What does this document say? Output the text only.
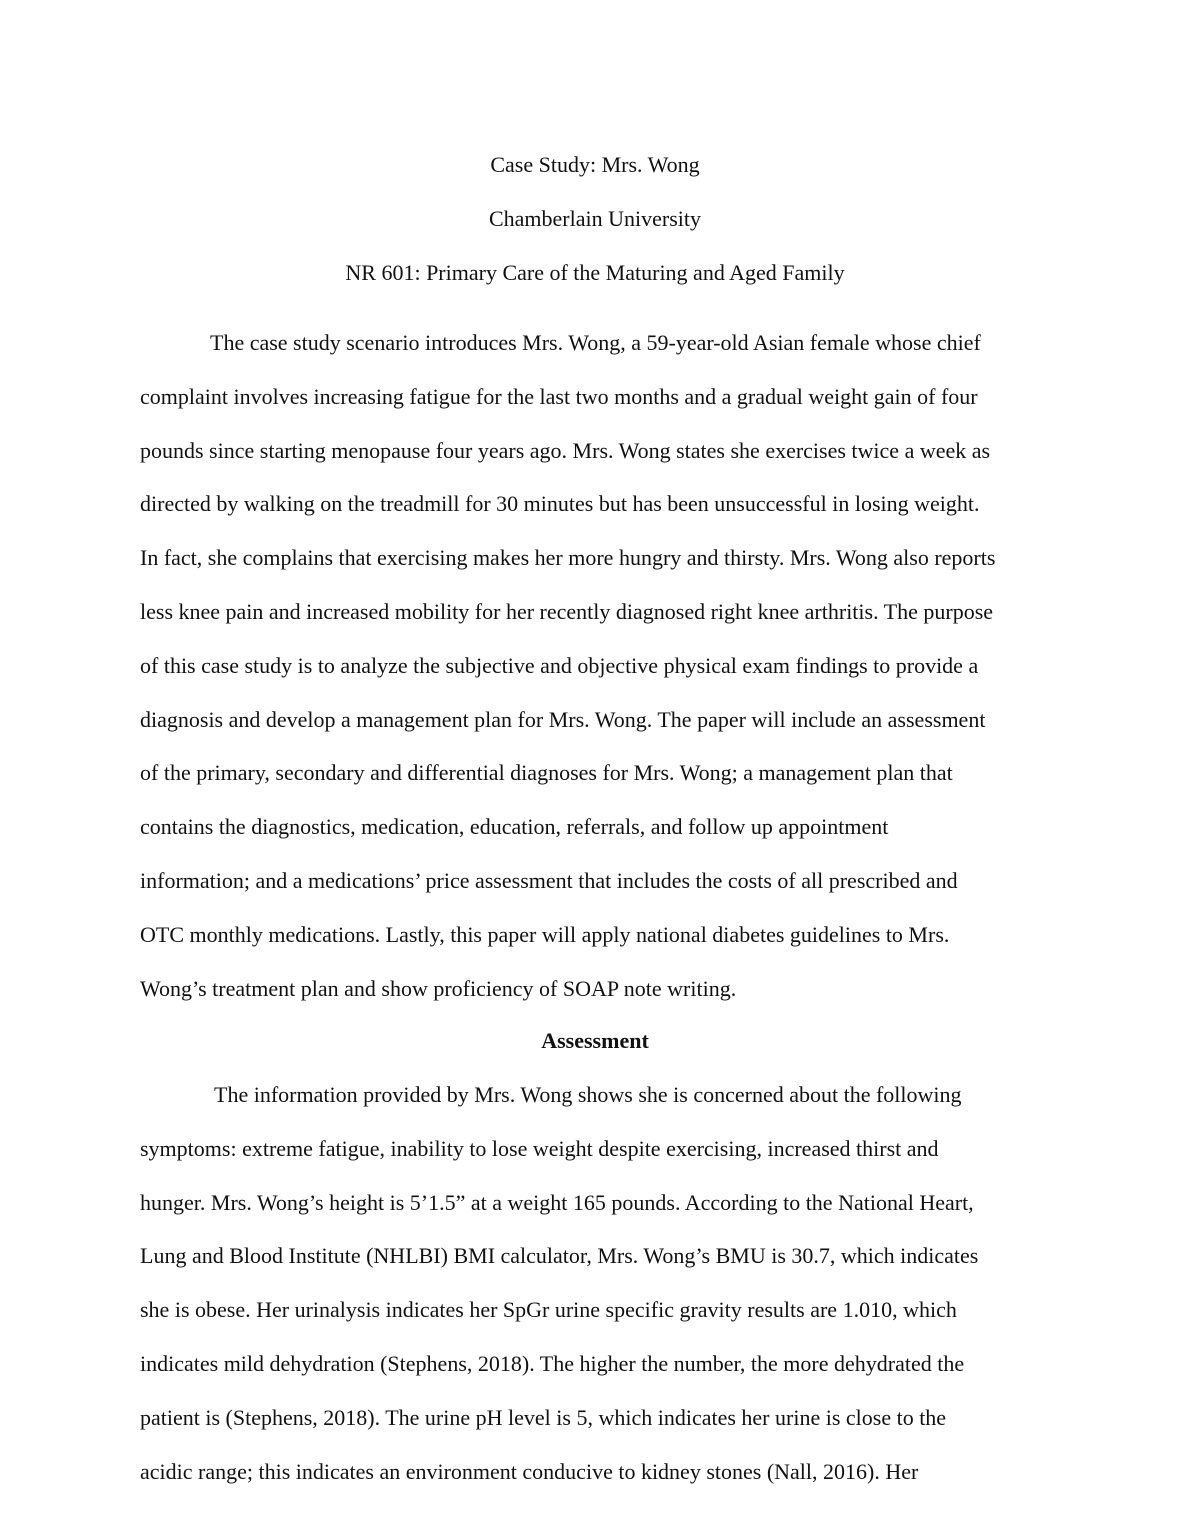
Case Study: Mrs. Wong
Chamberlain University
NR 601: Primary Care of the Maturing and Aged Family
The case study scenario introduces Mrs. Wong, a 59-year-old Asian female whose chief
complaint involves increasing fatigue for the last two months and a gradual weight gain of four
pounds since starting menopause four years ago. Mrs. Wong states she exercises twice a week as
directed by walking on the treadmill for 30 minutes but has been unsuccessful in losing weight.
In fact, she complains that exercising makes her more hungry and thirsty. Mrs. Wong also reports
less knee pain and increased mobility for her recently diagnosed right knee arthritis. The purpose
of this case study is to analyze the subjective and objective physical exam findings to provide a
diagnosis and develop a management plan for Mrs. Wong. The paper will include an assessment
of the primary, secondary and differential diagnoses for Mrs. Wong; a management plan that
contains the diagnostics, medication, education, referrals, and follow up appointment
information; and a medications’ price assessment that includes the costs of all prescribed and
OTC monthly medications. Lastly, this paper will apply national diabetes guidelines to Mrs.
Wong’s treatment plan and show proficiency of SOAP note writing.
Assessment
The information provided by Mrs. Wong shows she is concerned about the following
symptoms: extreme fatigue, inability to lose weight despite exercising, increased thirst and
hunger. Mrs. Wong’s height is 5’1.5” at a weight 165 pounds. According to the National Heart,
Lung and Blood Institute (NHLBI) BMI calculator, Mrs. Wong’s BMU is 30.7, which indicates
she is obese. Her urinalysis indicates her SpGr urine specific gravity results are 1.010, which
indicates mild dehydration (Stephens, 2018). The higher the number, the more dehydrated the
patient is (Stephens, 2018). The urine pH level is 5, which indicates her urine is close to the
acidic range; this indicates an environment conducive to kidney stones (Nall, 2016). Her
